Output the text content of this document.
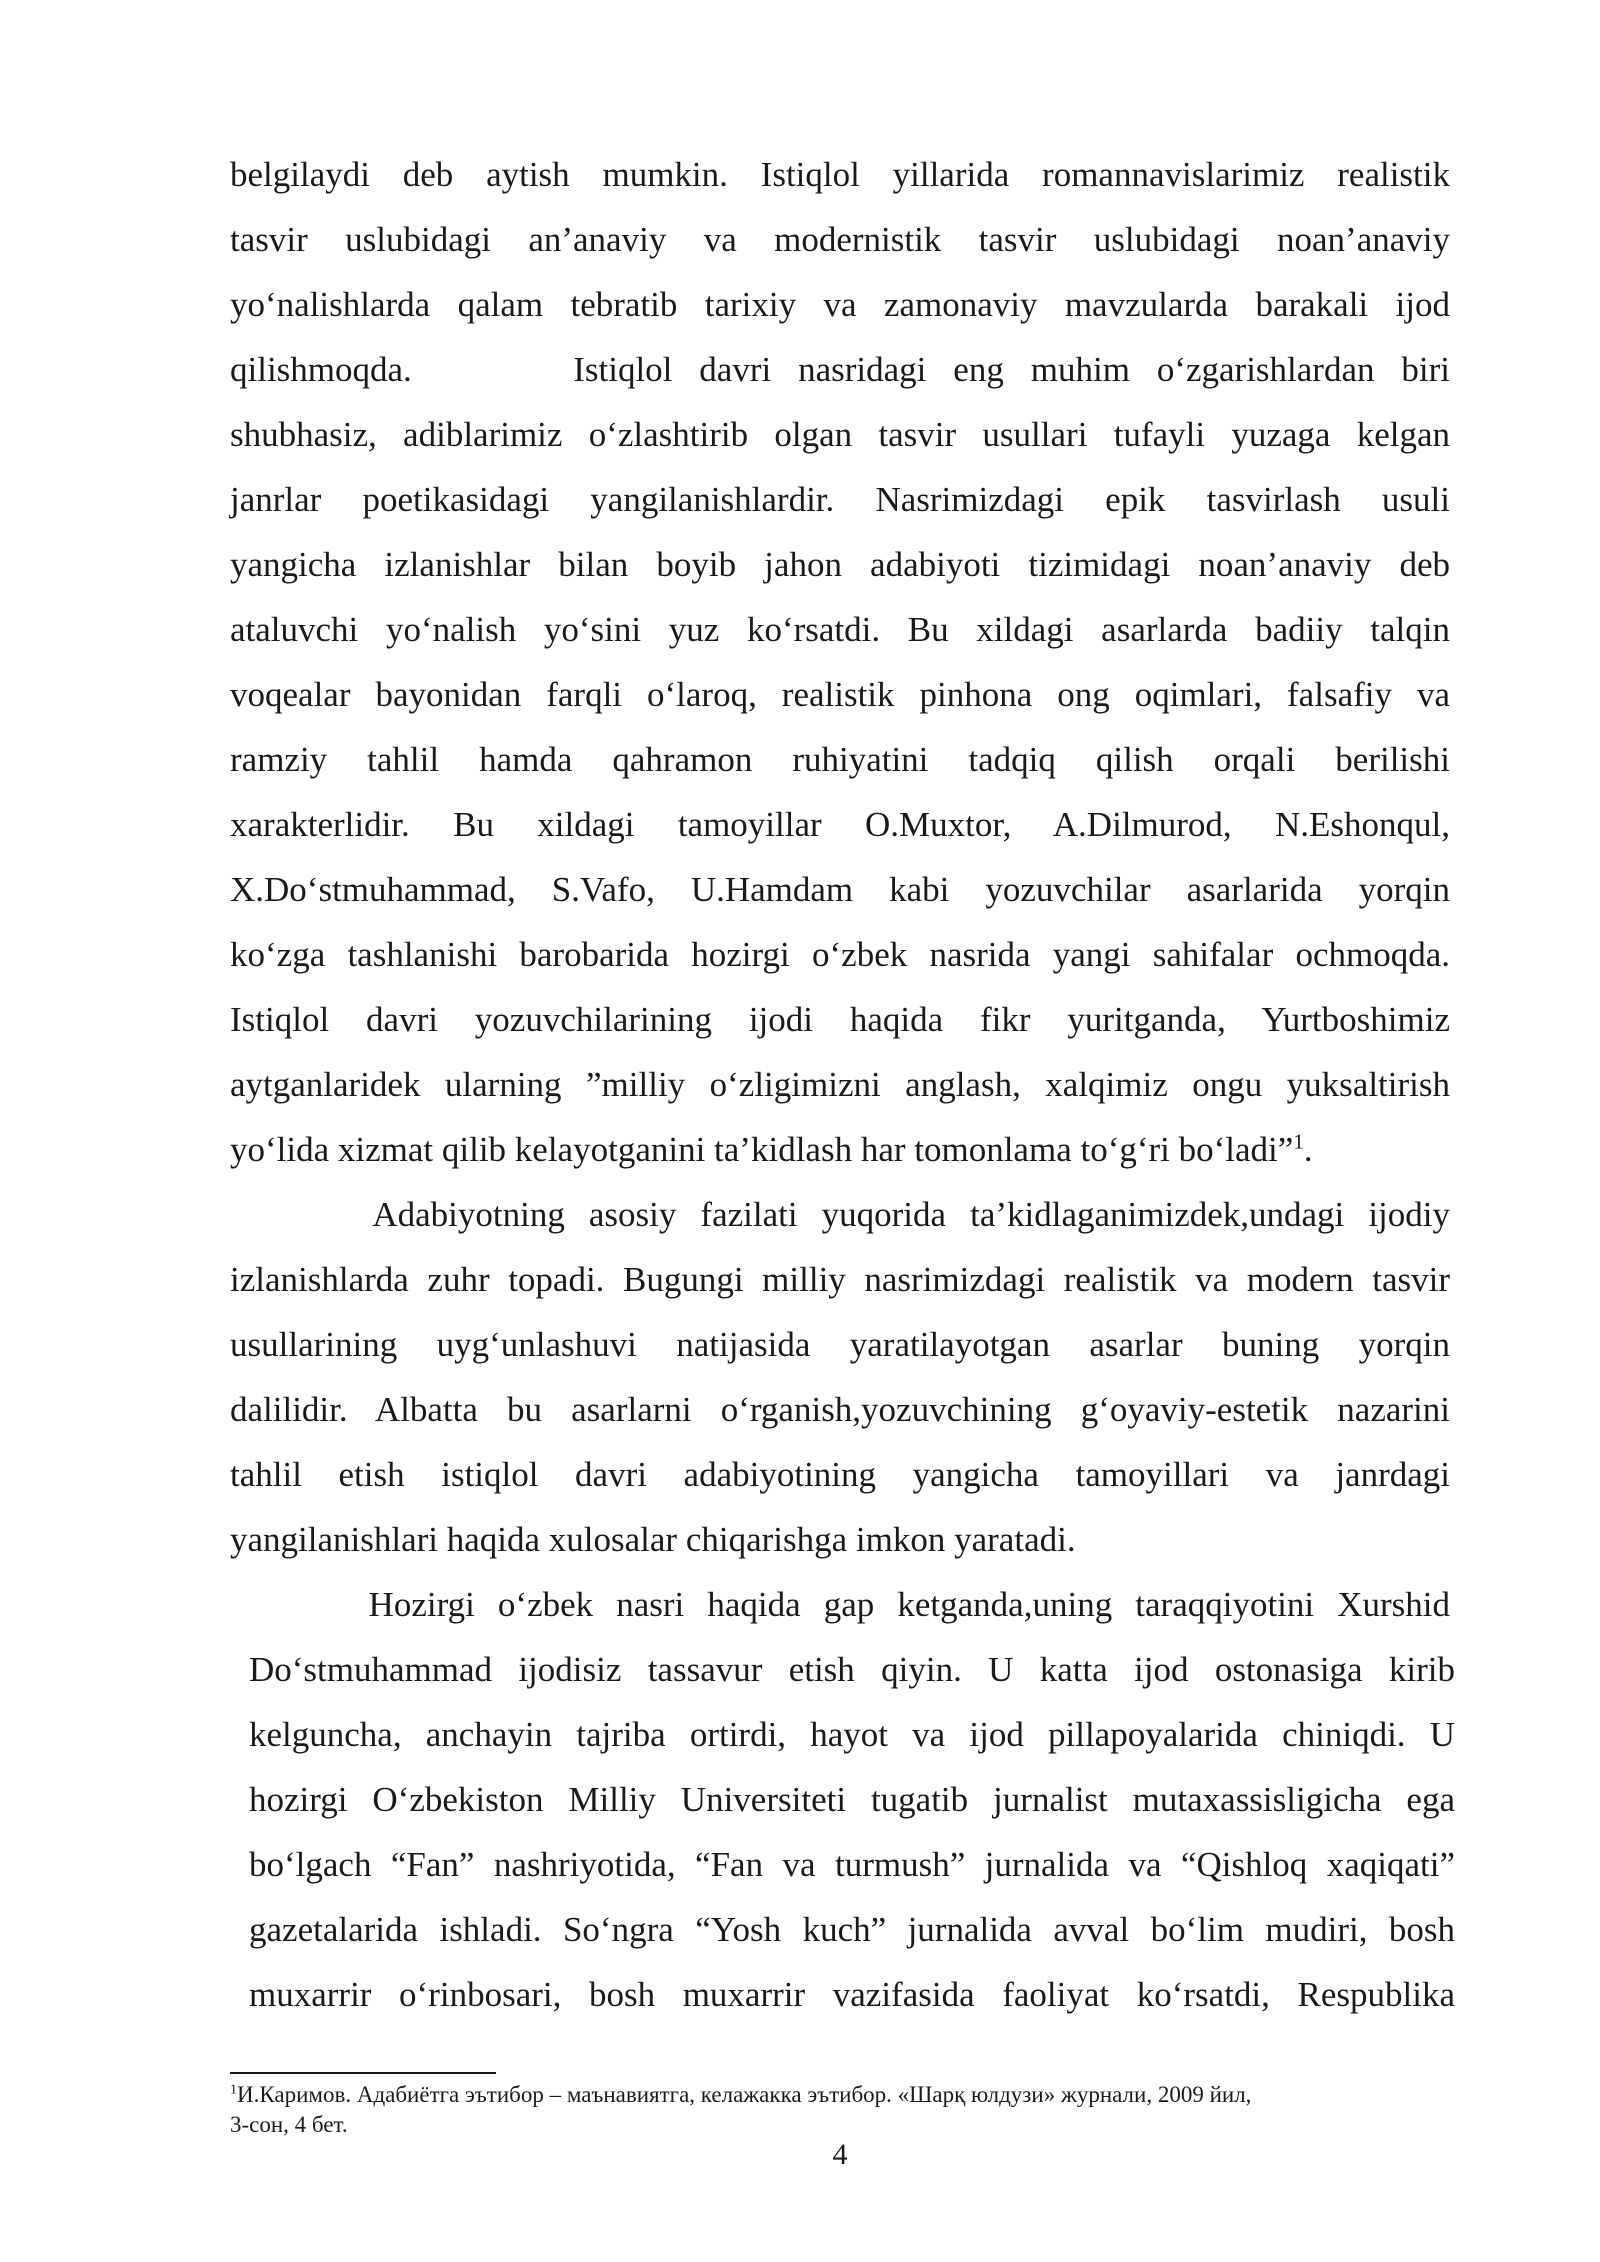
belgilaydi deb aytish mumkin. Istiqlol yillarida romannavislarimiz realistik
tasvir uslubidagi an’anaviy va modernistik tasvir uslubidagi noan’anaviy
yo‘nalishlarda qalam tebratib tarixiy va zamonaviy mavzularda barakali ijod
qilishmoqda.      Istiqlol davri nasridagi eng muhim o‘zgarishlardan biri
shubhasiz, adiblarimiz o‘zlashtirib olgan tasvir usullari tufayli yuzaga kelgan
janrlar poetikasidagi yangilanishlardir. Nasrimizdagi epik tasvirlash usuli
yangicha izlanishlar bilan boyib jahon adabiyoti tizimidagi noan’anaviy deb
ataluvchi yo‘nalish yo‘sini yuz ko‘rsatdi. Bu xildagi asarlarda badiiy talqin
voqealar bayonidan farqli o‘laroq, realistik pinhona ong oqimlari, falsafiy va
ramziy tahlil hamda qahramon ruhiyatini tadqiq qilish orqali berilishi
xarakterlidir. Bu xildagi tamoyillar O.Muxtor, A.Dilmurod, N.Eshonqul,
X.Do‘stmuhammad, S.Vafo, U.Hamdam kabi yozuvchilar asarlarida yorqin
ko‘zga tashlanishi barobarida hozirgi o‘zbek nasrida yangi sahifalar ochmoqda.
Istiqlol davri yozuvchilarining ijodi haqida fikr yuritganda, Yurtboshimiz
aytganlaridek ularning ”milliy o‘zligimizni anglash, xalqimiz ongu yuksaltirish
yo‘lida xizmat qilib kelayotganini ta’kidlash har tomonlama to‘g‘ri bo‘ladi”$^1$.
Adabiyotning asosiy fazilati yuqorida ta’kidlaganimizdek,undagi ijodiy
izlanishlarda zuhr topadi. Bugungi milliy nasrimizdagi realistik va modern tasvir
usullarining uyg‘unlashuvi natijasida yaratilayotgan asarlar buning yorqin
dalilidir. Albatta bu asarlarni o‘rganish,yozuvchining g‘oyaviy-estetik nazarini
tahlil etish istiqlol davri adabiyotining yangicha tamoyillari va janrdagi
yangilanishlari haqida xulosalar chiqarishga imkon yaratadi.
Hozirgi o‘zbek nasri haqida gap ketganda,uning taraqqiyotini Xurshid
Do‘stmuhammad ijodisiz tassavur etish qiyin. U katta ijod ostonasiga kirib
kelguncha, anchayin tajriba ortirdi, hayot va ijod pillapoyalarida chiniqdi. U
hozirgi O‘zbekiston Milliy Universiteti tugatib jurnalist mutaxassisligicha ega
bo‘lgach “Fan” nashriyotida, “Fan va turmush” jurnalida va “Qishloq xaqiqati”
gazetalarida ishladi. So‘ngra “Yosh kuch” jurnalida avval bo‘lim mudiri, bosh
muxarrir o‘rinbosari, bosh muxarrir vazifasida faoliyat ko‘rsatdi, Respublika
$^1$И.Каримов. Адабиётга эътибор – маънавиятга, келажакка эътибор. «Шарқ юлдузи» журнали, 2009 йил,
3-сон, 4 бет.
4
